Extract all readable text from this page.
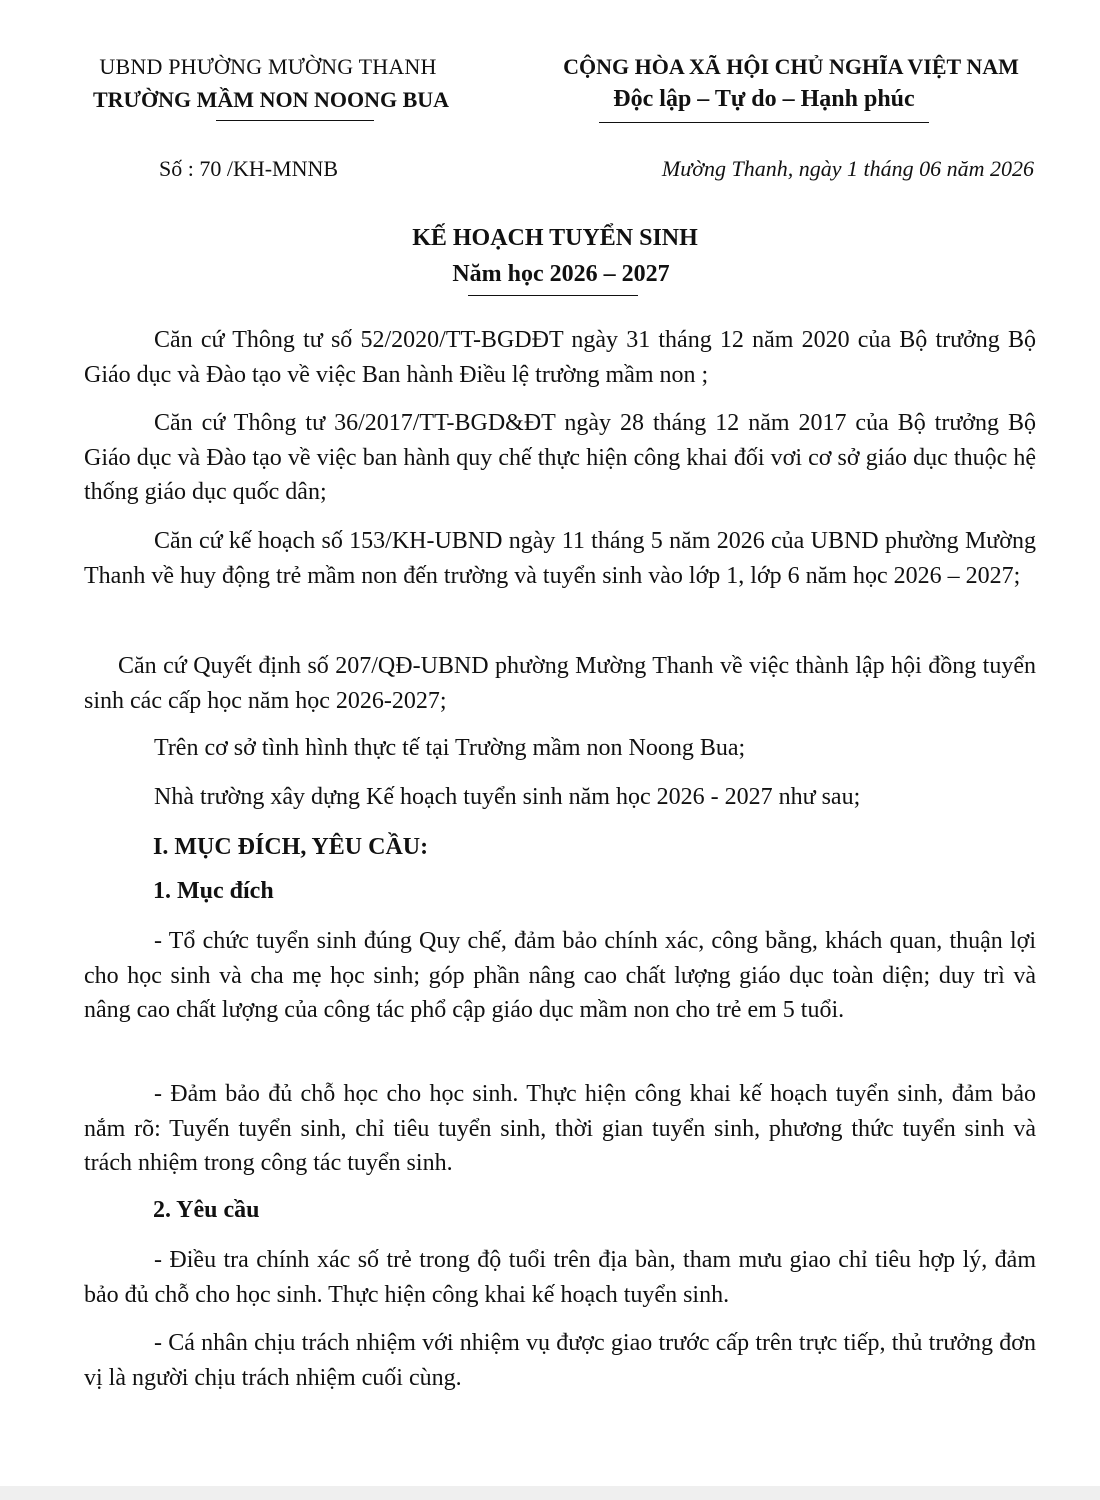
UBND PHƯỜNG MƯỜNG THANH
TRƯỜNG MẦM NON NOONG BUA
CỘNG HÒA XÃ HỘI CHỦ NGHĨA VIỆT NAM
Độc lập – Tự do – Hạnh phúc
Số : 70 /KH-MNNB	Mường Thanh, ngày 1 tháng 06 năm 2026
KẾ HOẠCH TUYỂN SINH
Năm học 2026 – 2027
Căn cứ Thông tư số 52/2020/TT-BGDĐT ngày 31 tháng 12 năm 2020 của Bộ trưởng Bộ Giáo dục và Đào tạo về việc Ban hành Điều lệ trường mầm non ;
Căn cứ Thông tư 36/2017/TT-BGD&ĐT ngày 28 tháng 12 năm 2017 của Bộ trưởng Bộ Giáo dục và Đào tạo về việc ban hành quy chế thực hiện công khai đối vơi cơ sở giáo dục thuộc hệ thống giáo dục quốc dân;
Căn cứ kế hoạch số 153/KH-UBND ngày 11 tháng 5 năm 2026 của UBND phường Mường Thanh về huy động trẻ mầm non đến trường và tuyển sinh vào lớp 1, lớp 6 năm học 2026 – 2027;
Căn cứ Quyết định số 207/QĐ-UBND phường Mường Thanh về việc thành lập hội đồng tuyển sinh các cấp học năm học 2026-2027;
Trên cơ sở tình hình thực tế tại Trường mầm non Noong Bua;
Nhà trường xây dựng Kế hoạch tuyển sinh năm học 2026 - 2027 như sau;
I. MỤC ĐÍCH, YÊU CẦU:
1. Mục đích
- Tổ chức tuyển sinh đúng Quy chế, đảm bảo chính xác, công bằng, khách quan, thuận lợi cho học sinh và cha mẹ học sinh; góp phần nâng cao chất lượng giáo dục toàn diện; duy trì và nâng cao chất lượng của công tác phổ cập giáo dục mầm non cho trẻ em 5 tuổi.
- Đảm bảo đủ chỗ học cho học sinh. Thực hiện công khai kế hoạch tuyển sinh, đảm bảo nắm rõ: Tuyến tuyển sinh, chỉ tiêu tuyển sinh, thời gian tuyển sinh, phương thức tuyển sinh và trách nhiệm trong công tác tuyển sinh.
2. Yêu cầu
- Điều tra chính xác số trẻ trong độ tuổi trên địa bàn, tham mưu giao chỉ tiêu hợp lý, đảm bảo đủ chỗ cho học sinh. Thực hiện công khai kế hoạch tuyển sinh.
- Cá nhân chịu trách nhiệm với nhiệm vụ được giao trước cấp trên trực tiếp, thủ trưởng đơn vị là người chịu trách nhiệm cuối cùng.
